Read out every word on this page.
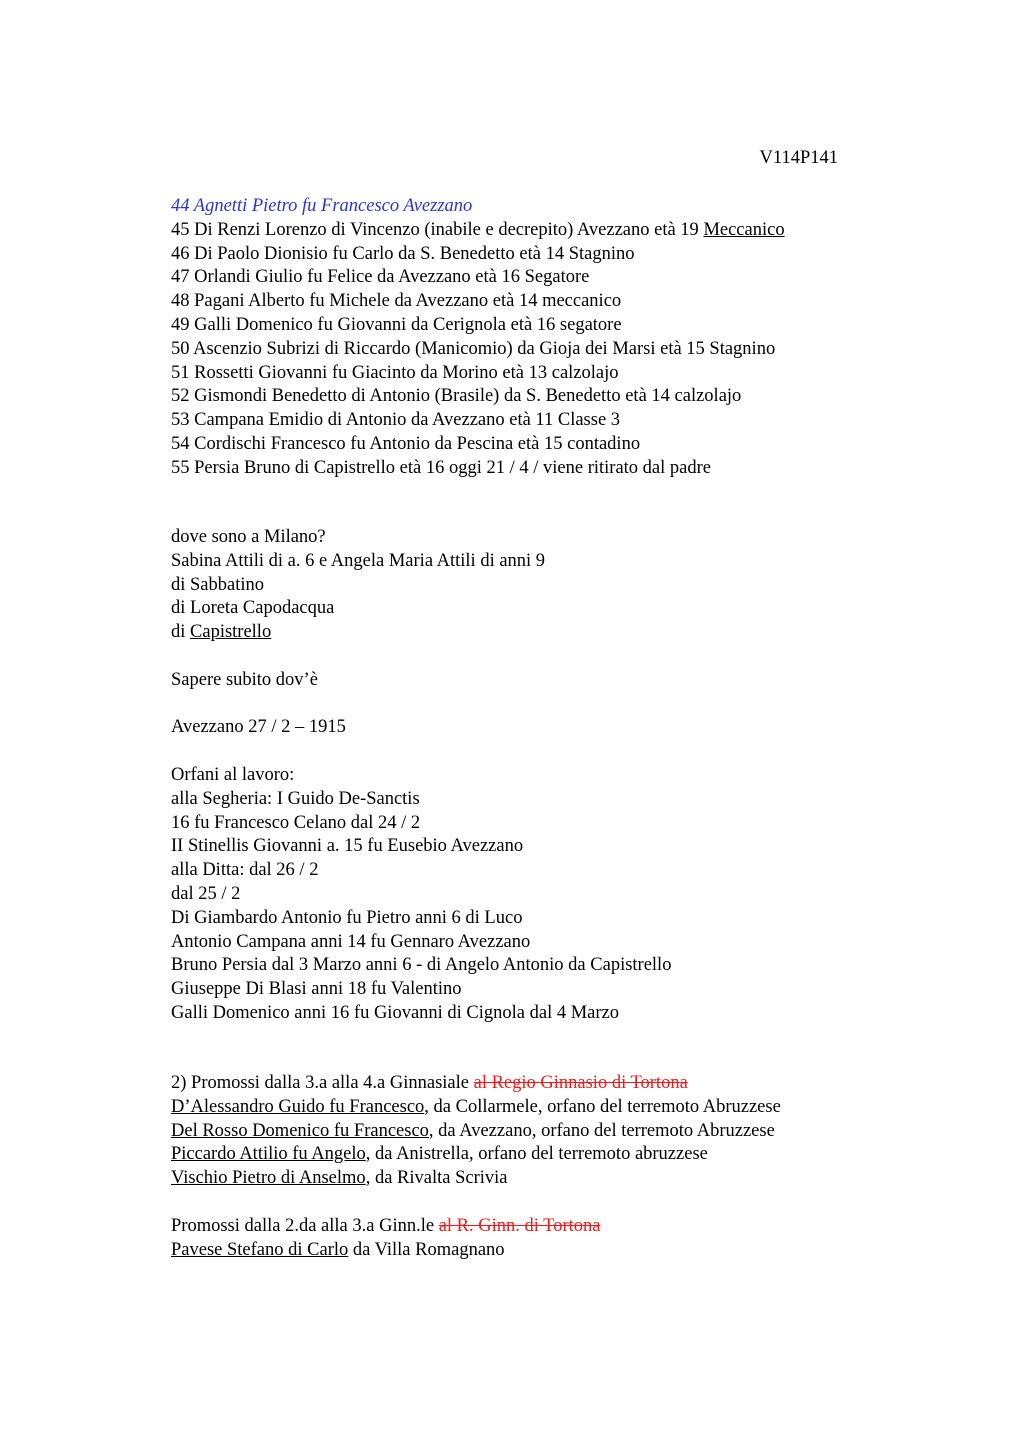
V114P141
44 Agnetti Pietro fu Francesco Avezzano
45 Di Renzi Lorenzo di Vincenzo (inabile e decrepito) Avezzano età 19 Meccanico
46 Di Paolo Dionisio fu Carlo da S. Benedetto età 14 Stagnino
47 Orlandi Giulio fu Felice da Avezzano età 16 Segatore
48 Pagani Alberto fu Michele da Avezzano età 14 meccanico
49 Galli Domenico fu Giovanni da Cerignola età 16 segatore
50 Ascenzio Subrizi di Riccardo (Manicomio) da Gioja dei Marsi età 15 Stagnino
51 Rossetti Giovanni fu Giacinto da Morino età 13 calzolajo
52 Gismondi Benedetto di Antonio (Brasile) da S. Benedetto età 14 calzolajo
53 Campana Emidio di Antonio da Avezzano età 11 Classe 3
54 Cordischi Francesco fu Antonio da Pescina età 15 contadino
55 Persia Bruno di Capistrello età 16 oggi 21 / 4 / viene ritirato dal padre
dove sono a Milano?
Sabina Attili di a. 6 e Angela Maria Attili di anni 9
di Sabbatino
di Loreta Capodacqua
di Capistrello
Sapere subito dov’è
Avezzano 27 / 2 – 1915
Orfani al lavoro:
alla Segheria: I Guido De-Sanctis
16 fu Francesco Celano dal 24 / 2
II Stinellis Giovanni a. 15 fu Eusebio Avezzano
alla Ditta: dal 26 / 2
dal 25 / 2
Di Giambardo Antonio fu Pietro anni 6 di Luco
Antonio Campana anni 14 fu Gennaro Avezzano
Bruno Persia dal 3 Marzo anni 6 - di Angelo Antonio da Capistrello
Giuseppe Di Blasi anni 18 fu Valentino
Galli Domenico anni 16 fu Giovanni di Cignola dal 4 Marzo
2) Promossi dalla 3.a alla 4.a Ginnasiale al Regio Ginnasio di Tortona
D’Alessandro Guido fu Francesco, da Collarmele, orfano del terremoto Abruzzese
Del Rosso Domenico fu Francesco, da Avezzano, orfano del terremoto Abruzzese
Piccardo Attilio fu Angelo, da Anistrella, orfano del terremoto abruzzese
Vischio Pietro di Anselmo, da Rivalta Scrivia
Promossi dalla 2.da alla 3.a Ginn.le al R. Ginn. di Tortona
Pavese Stefano di Carlo da Villa Romagnano
